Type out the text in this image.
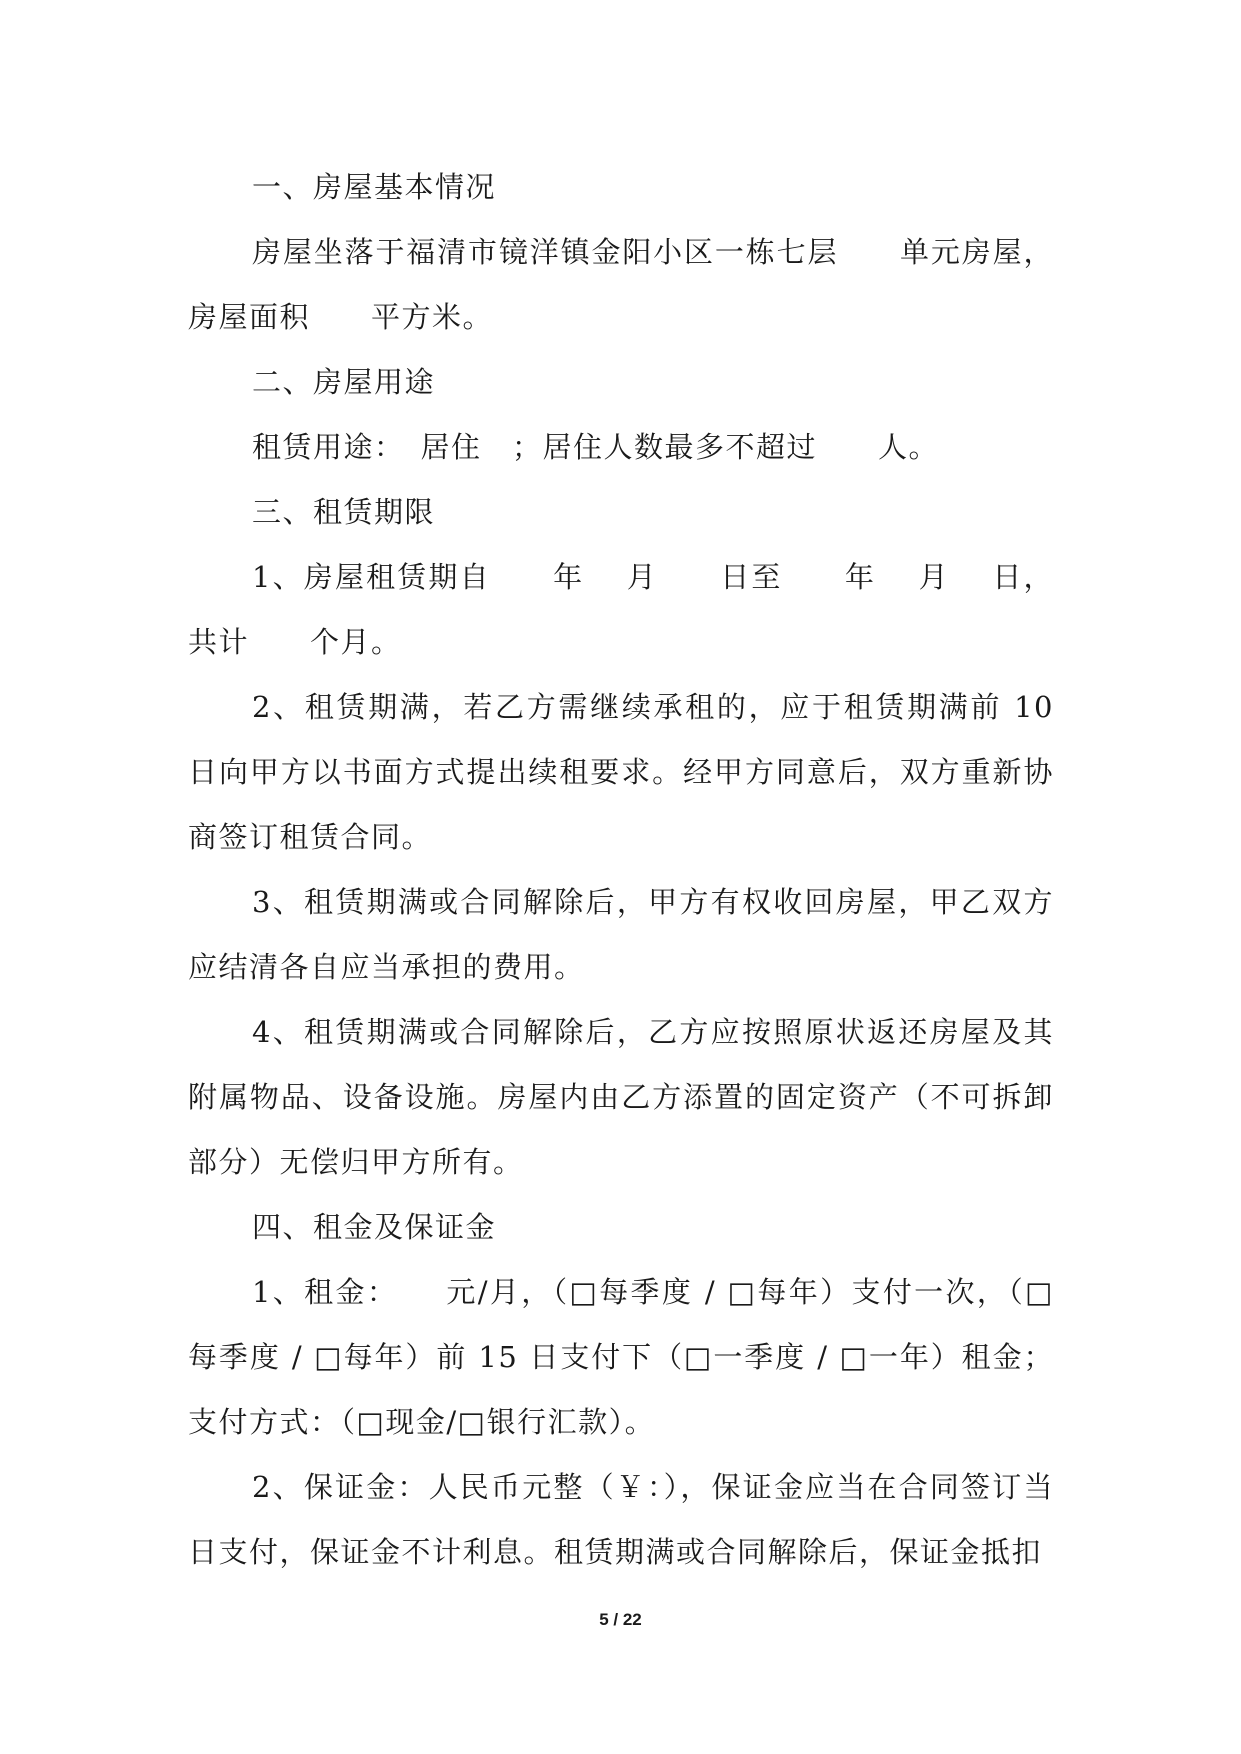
一、房屋基本情况

房屋坐落于福清市镜洋镇金阳小区一栋七层　　单元房屋，房屋面积　　平方米。

二、房屋用途

租赁用途：　居住　；居住人数最多不超过　　人。

三、租赁期限

1、房屋租赁期自　　年　 月　　日至　　年　 月　 日，共计　　个月。

2、租赁期满，若乙方需继续承租的，应于租赁期满前 10 日向甲方以书面方式提出续租要求。经甲方同意后，双方重新协商签订租赁合同。

3、租赁期满或合同解除后，甲方有权收回房屋，甲乙双方应结清各自应当承担的费用。

4、租赁期满或合同解除后，乙方应按照原状返还房屋及其附属物品、设备设施。房屋内由乙方添置的固定资产（不可拆卸部分）无偿归甲方所有。

四、租金及保证金

1、租金：　　元/月，（□每季度 / □每年）支付一次，（□每季度 / □每年）前 15 日支付下（□一季度 / □一年）租金；支付方式：（□现金/□银行汇款）。

2、保证金：人民币元整（￥：），保证金应当在合同签订当日支付，保证金不计利息。租赁期满或合同解除后，保证金抵扣

5 / 22
